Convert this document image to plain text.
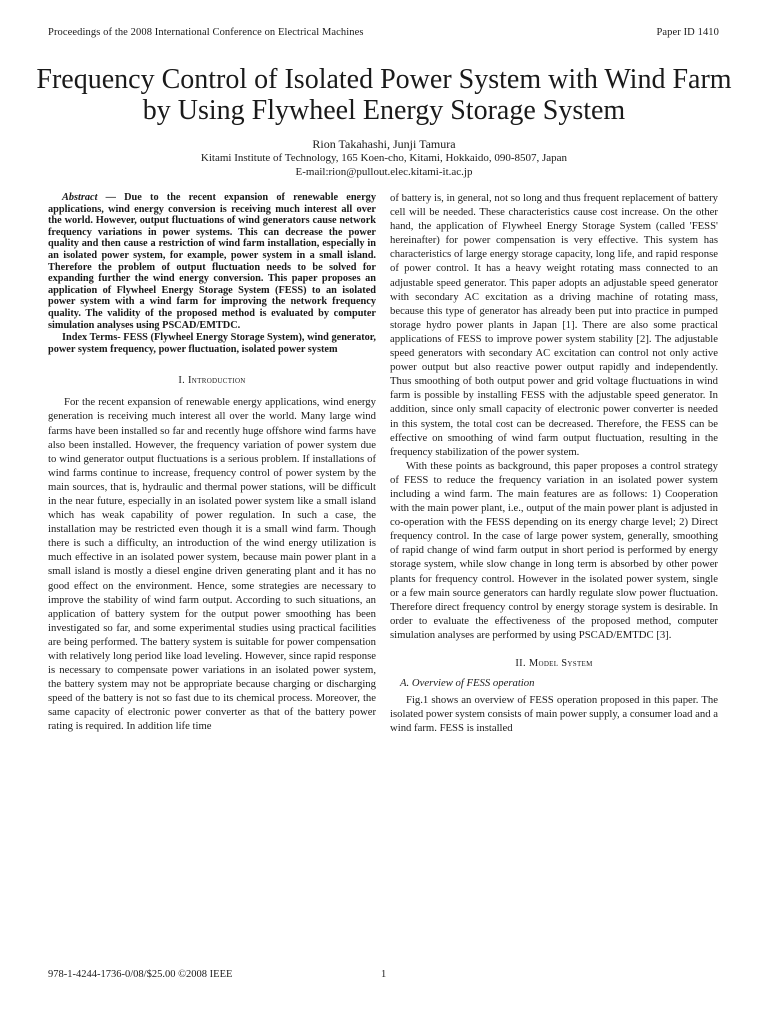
Proceedings of the 2008 International Conference on Electrical Machines	Paper ID 1410
Frequency Control of Isolated Power System with Wind Farm by Using Flywheel Energy Storage System
Rion Takahashi, Junji Tamura
Kitami Institute of Technology, 165 Koen-cho, Kitami, Hokkaido, 090-8507, Japan
E-mail:rion@pullout.elec.kitami-it.ac.jp

Abstract — Due to the recent expansion of renewable energy applications, wind energy conversion is receiving much interest all over the world. However, output fluctuations of wind generators cause network frequency variations in power systems. This can decrease the power quality and then cause a restriction of wind farm installation, especially in an isolated power system, for example, power system in a small island. Therefore the problem of output fluctuation needs to be solved for expanding further the wind energy conversion. This paper proposes an application of Flywheel Energy Storage System (FESS) to an isolated power system with a wind farm for improving the network frequency quality. The validity of the proposed method is evaluated by computer simulation analyses using PSCAD/EMTDC.

Index Terms- FESS (Flywheel Energy Storage System), wind generator, power system frequency, power fluctuation, isolated power system

I. Introduction

For the recent expansion of renewable energy applications, wind energy generation is receiving much interest all over the world. Many large wind farms have been installed so far and recently huge offshore wind farms have also been installed. However, the frequency variation of power system due to wind generator output fluctuations is a serious problem. If installations of wind farms continue to increase, frequency control of power system by the main sources, that is, hydraulic and thermal power stations, will be difficult in the near future, especially in an isolated power system like a small island which has weak capability of power regulation. In such a case, the installation may be restricted even though it is a small wind farm. Though there is such a difficulty, an introduction of the wind energy utilization is much effective in an isolated power system, because main power plant in a small island is mostly a diesel engine driven generating plant and it has no good effect on the environment. Hence, some strategies are necessary to improve the stability of wind farm output. According to such situations, an application of battery system for the output power smoothing has been investigated so far, and some experimental studies using practical facilities are being performed. The battery system is suitable for power compensation with relatively long period like load leveling. However, since rapid response is necessary to compensate power variations in an isolated power system, the battery system may not be appropriate because charging or discharging speed of the battery is not so fast due to its chemical process. Moreover, the same capacity of electronic power converter as that of the battery power rating is required. In addition life time

of battery is, in general, not so long and thus frequent replacement of battery cell will be needed. These characteristics cause cost increase. On the other hand, the application of Flywheel Energy Storage System (called 'FESS' hereinafter) for power compensation is very effective. This system has characteristics of large energy storage capacity, long life, and rapid response of power control. It has a heavy weight rotating mass connected to an adjustable speed generator. This paper adopts an adjustable speed generator with secondary AC excitation as a driving machine of rotating mass, because this type of generator has already been put into practice in pumped storage hydro power plants in Japan [1]. There are also some practical applications of FESS to improve power system stability [2]. The adjustable speed generators with secondary AC excitation can control not only active power output but also reactive power output rapidly and independently. Thus smoothing of both output power and grid voltage fluctuations in wind farm is possible by installing FESS with the adjustable speed generator. In addition, since only small capacity of electronic power converter is needed in this system, the total cost can be decreased. Therefore, the FESS can be effective on smoothing of wind farm output fluctuation, resulting in the frequency stabilization of the power system.

With these points as background, this paper proposes a control strategy of FESS to reduce the frequency variation in an isolated power system including a wind farm. The main features are as follows: 1) Cooperation with the main power plant, i.e., output of the main power plant is adjusted in co-operation with the FESS depending on its energy charge level; 2) Direct frequency control. In the case of large power system, generally, smoothing of rapid change of wind farm output in short period is performed by energy storage system, while slow change in long term is absorbed by other power plants for frequency control. However in the isolated power system, single or a few main source generators can hardly regulate slow power fluctuation. Therefore direct frequency control by energy storage system is desirable. In order to evaluate the effectiveness of the proposed method, computer simulation analyses are performed by using PSCAD/EMTDC [3].

II. Model System
A. Overview of FESS operation

Fig.1 shows an overview of FESS operation proposed in this paper. The isolated power system consists of main power supply, a consumer load and a wind farm. FESS is installed

978-1-4244-1736-0/08/$25.00 ©2008 IEEE	1
